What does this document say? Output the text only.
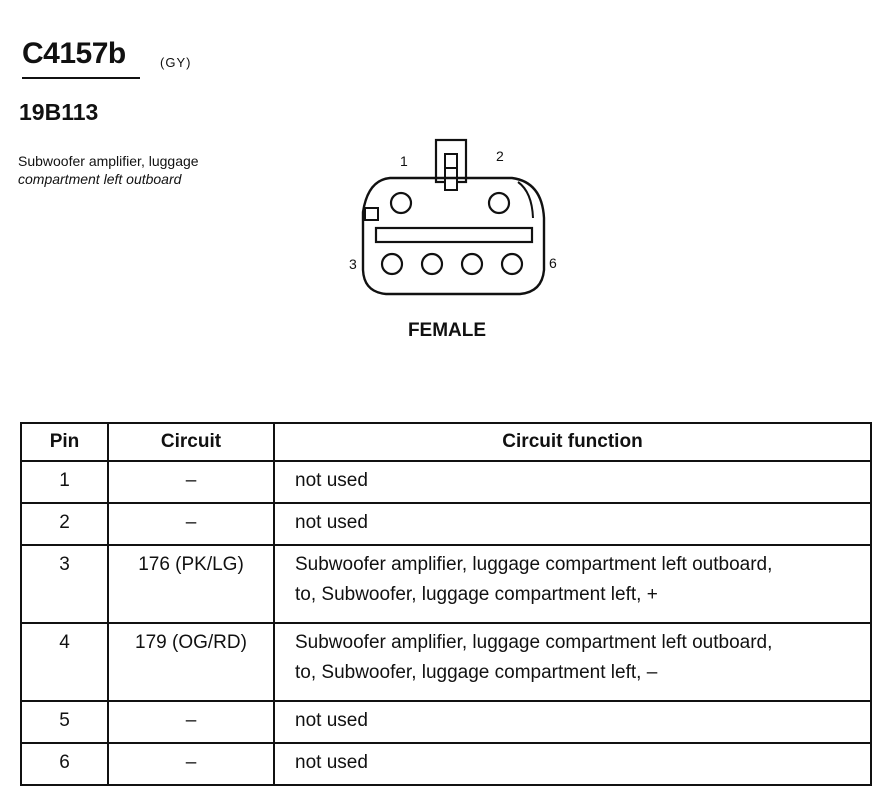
C4157b	(GY)
19B113
Subwoofer amplifier, luggage
compartment left outboard
1	2
3	6
FEMALE
Pin	Circuit	Circuit function
1	–	not used
2	–	not used
3	176 (PK/LG)	Subwoofer amplifier, luggage compartment left outboard,
to, Subwoofer, luggage compartment left, +

4	179 (OG/RD)	Subwoofer amplifier, luggage compartment left outboard,
to, Subwoofer, luggage compartment left, –

5	–	not used
6	–	not used
